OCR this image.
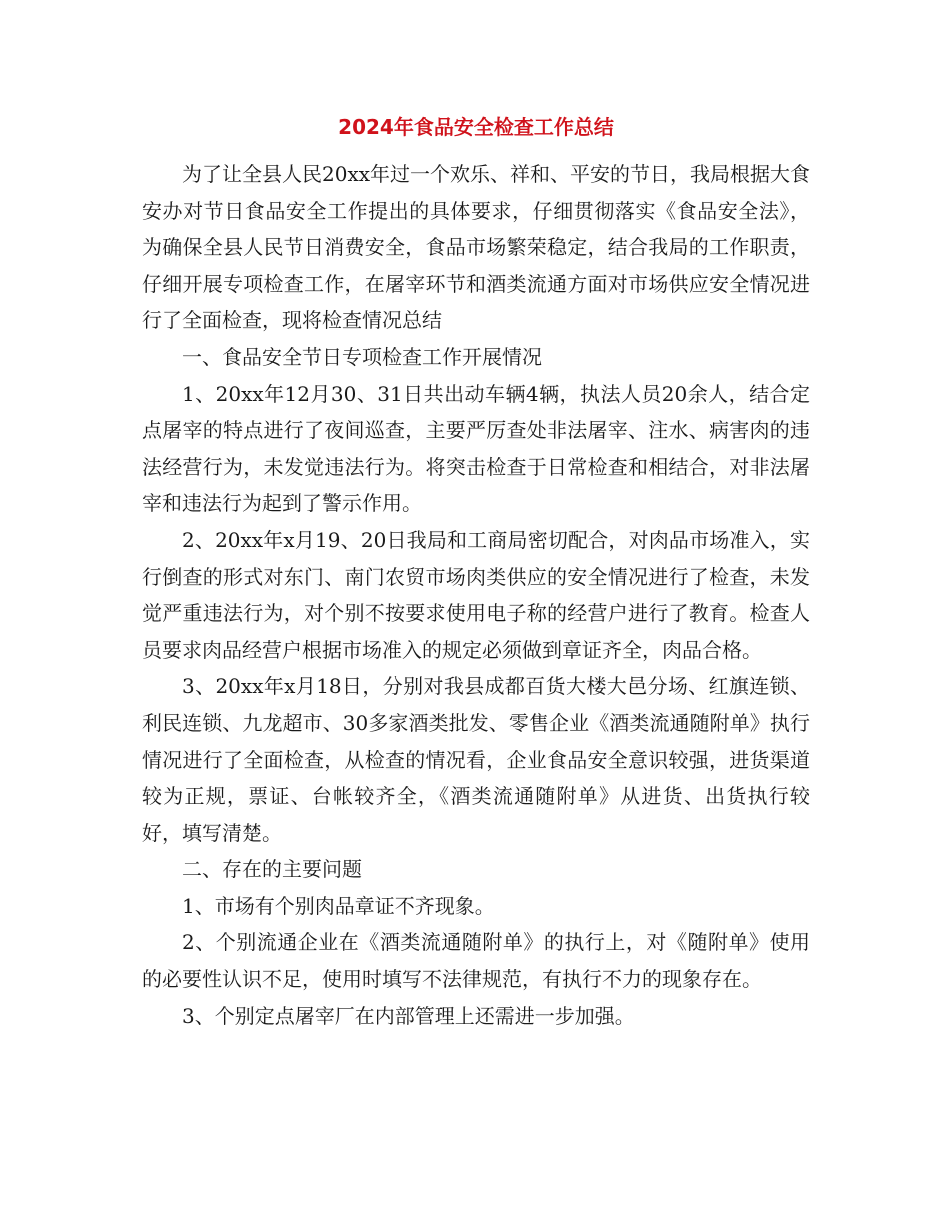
2024年食品安全检查工作总结

为了让全县人民20xx年过一个欢乐、祥和、平安的节日，我局根据大食安办对节日食品安全工作提出的具体要求，仔细贯彻落实《食品安全法》，为确保全县人民节日消费安全，食品市场繁荣稳定，结合我局的工作职责，仔细开展专项检查工作，在屠宰环节和酒类流通方面对市场供应安全情况进行了全面检查，现将检查情况总结

一、食品安全节日专项检查工作开展情况

1、20xx年12月30、31日共出动车辆4辆，执法人员20余人，结合定点屠宰的特点进行了夜间巡查，主要严厉查处非法屠宰、注水、病害肉的违法经营行为，未发觉违法行为。将突击检查于日常检查和相结合，对非法屠宰和违法行为起到了警示作用。

2、20xx年x月19、20日我局和工商局密切配合，对肉品市场准入，实行倒查的形式对东门、南门农贸市场肉类供应的安全情况进行了检查，未发觉严重违法行为，对个别不按要求使用电子称的经营户进行了教育。检查人员要求肉品经营户根据市场准入的规定必须做到章证齐全，肉品合格。

3、20xx年x月18日，分别对我县成都百货大楼大邑分场、红旗连锁、利民连锁、九龙超市、30多家酒类批发、零售企业《酒类流通随附单》执行情况进行了全面检查，从检查的情况看，企业食品安全意识较强，进货渠道较为正规，票证、台帐较齐全，《酒类流通随附单》从进货、出货执行较好，填写清楚。

二、存在的主要问题

1、市场有个别肉品章证不齐现象。

2、个别流通企业在《酒类流通随附单》的执行上，对《随附单》使用的必要性认识不足，使用时填写不法律规范，有执行不力的现象存在。

3、个别定点屠宰厂在内部管理上还需进一步加强。
